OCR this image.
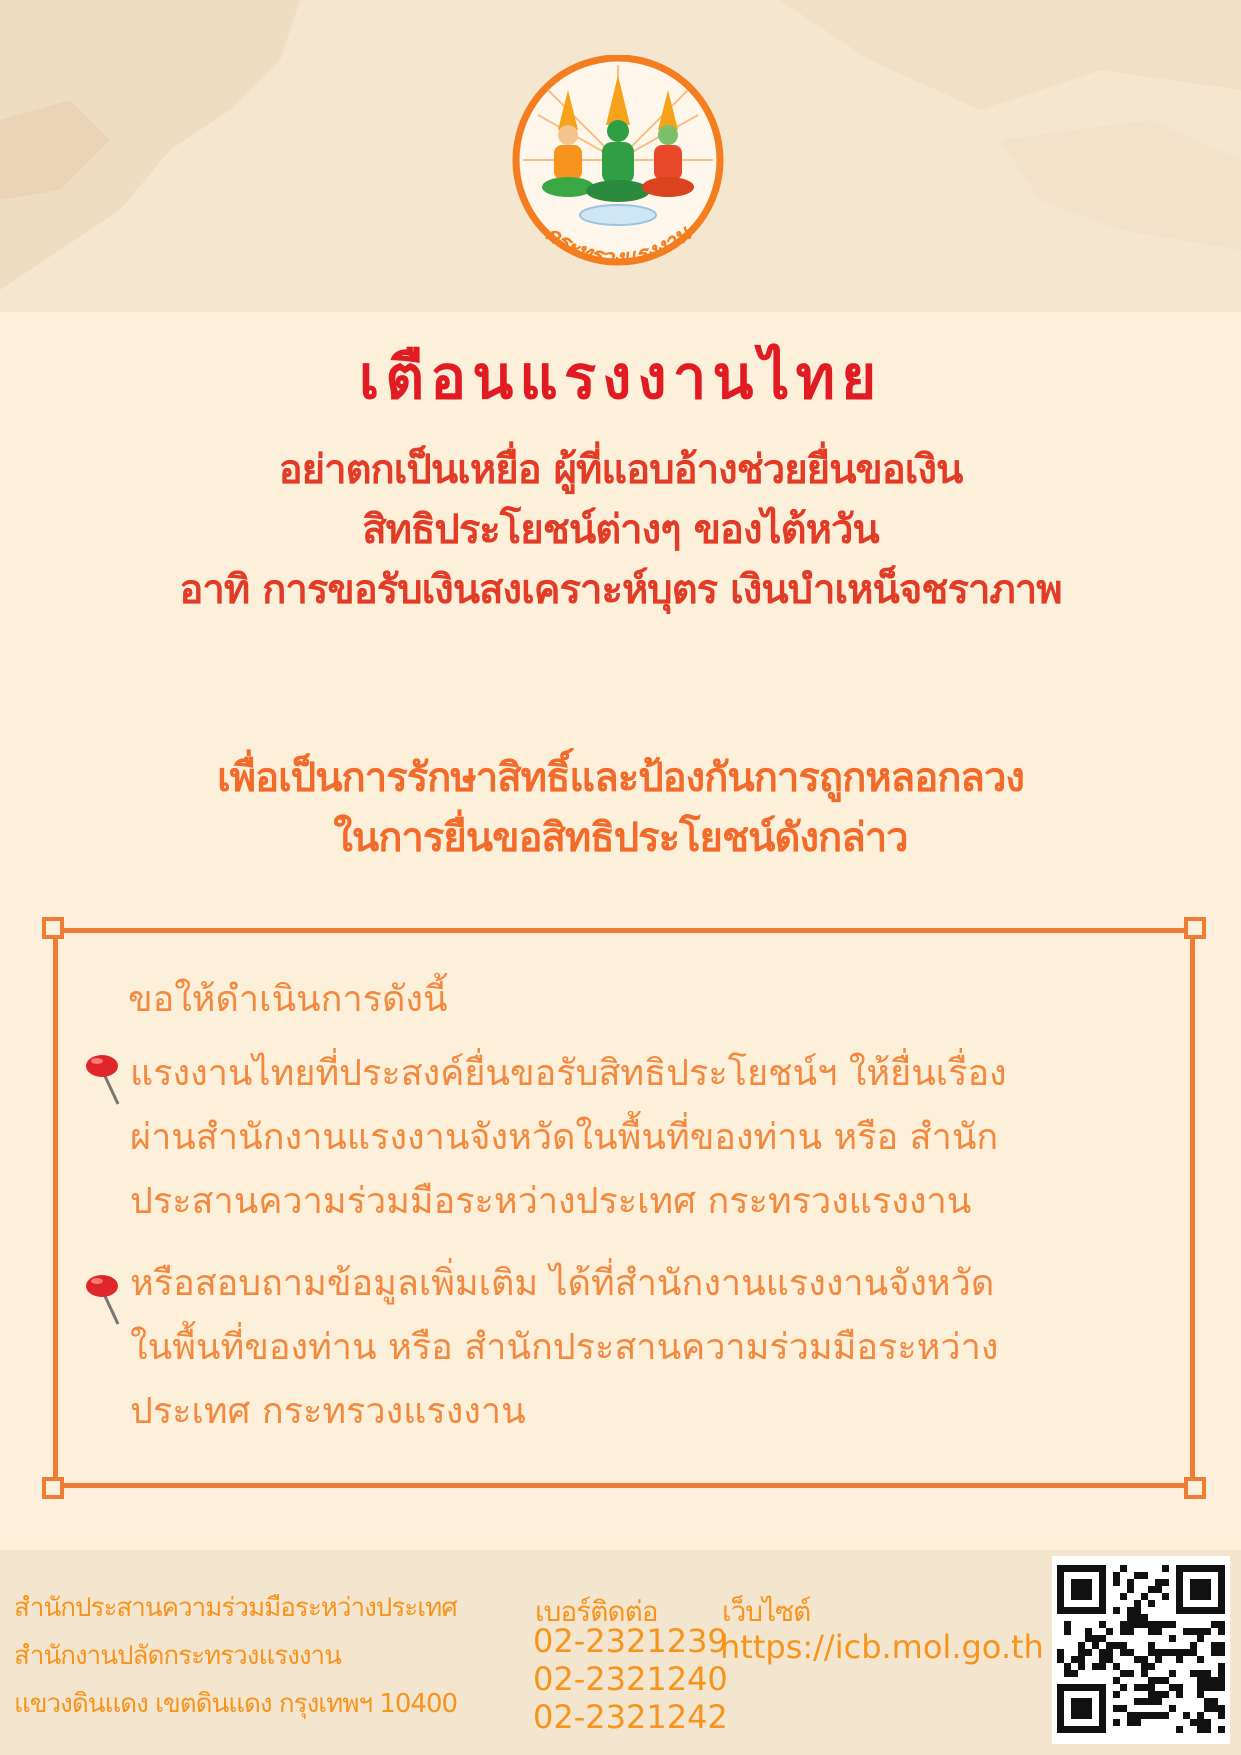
กระทรวงแรงงาน
เตือนแรงงานไทย
อย่าตกเป็นเหยื่อ ผู้ที่แอบอ้างช่วยยื่นขอเงิน
สิทธิประโยชน์ต่างๆ ของไต้หวัน
อาทิ การขอรับเงินสงเคราะห์บุตร เงินบำเหน็จชราภาพ
เพื่อเป็นการรักษาสิทธิ์และป้องกันการถูกหลอกลวง
ในการยื่นขอสิทธิประโยชน์ดังกล่าว
ขอให้ดำเนินการดังนี้
แรงงานไทยที่ประสงค์ยื่นขอรับสิทธิประโยชน์ฯ ให้ยื่นเรื่อง
ผ่านสำนักงานแรงงานจังหวัดในพื้นที่ของท่าน หรือ สำนัก
ประสานความร่วมมือระหว่างประเทศ กระทรวงแรงงาน
หรือสอบถามข้อมูลเพิ่มเติม ได้ที่สำนักงานแรงงานจังหวัด
ในพื้นที่ของท่าน หรือ สำนักประสานความร่วมมือระหว่าง
ประเทศ กระทรวงแรงงาน
สำนักประสานความร่วมมือระหว่างประเทศ
สำนักงานปลัดกระทรวงแรงงาน
แขวงดินแดง เขตดินแดง กรุงเทพฯ 10400
เบอร์ติดต่อ
02-2321239
02-2321240
02-2321242
เว็บไซต์
https://icb.mol.go.th
